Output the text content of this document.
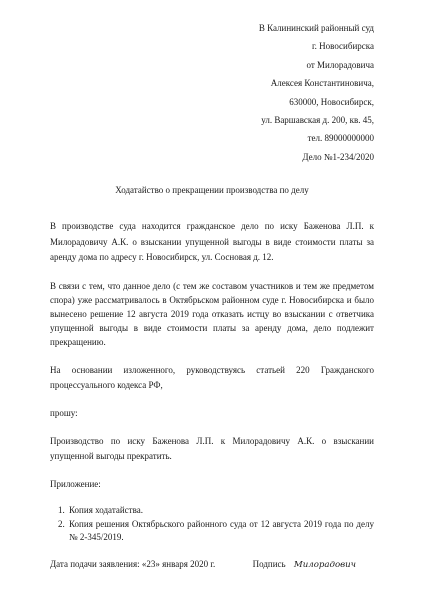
В Калининский районный суд
г. Новосибирска
от Милорадовича
Алексея Константиновича,
630000, Новосибирск,
ул. Варшавская д. 200, кв. 45,
тел. 89000000000
Дело №1-234/2020
Ходатайство о прекращении производства по делу

В производстве суда находится гражданское дело по иску Баженова Л.П. к Милорадовичу А.К. о взыскании упущенной выгоды в виде стоимости платы за аренду дома по адресу г. Новосибирск, ул. Сосновая д. 12.

В связи с тем, что данное дело (с тем же составом участников и тем же предметом спора) уже рассматривалось в Октябрьском районном суде г. Новосибирска и было вынесено решение 12 августа 2019 года отказать истцу во взыскании с ответчика упущенной выгоды в виде стоимости платы за аренду дома, дело подлежит прекращению.

На основании изложенного, руководствуясь статьей 220 Гражданского процессуального кодекса РФ,

прошу:

Производство по иску Баженова Л.П. к Милорадовичу А.К. о взыскании упущенной выгоды прекратить.

Приложение:
1. Копия ходатайства.
2. Копия решения Октябрьского районного суда от 12 августа 2019 года по делу № 2-345/2019.
Дата подачи заявления: «23» января 2020 г.	Подпись Милорадович
